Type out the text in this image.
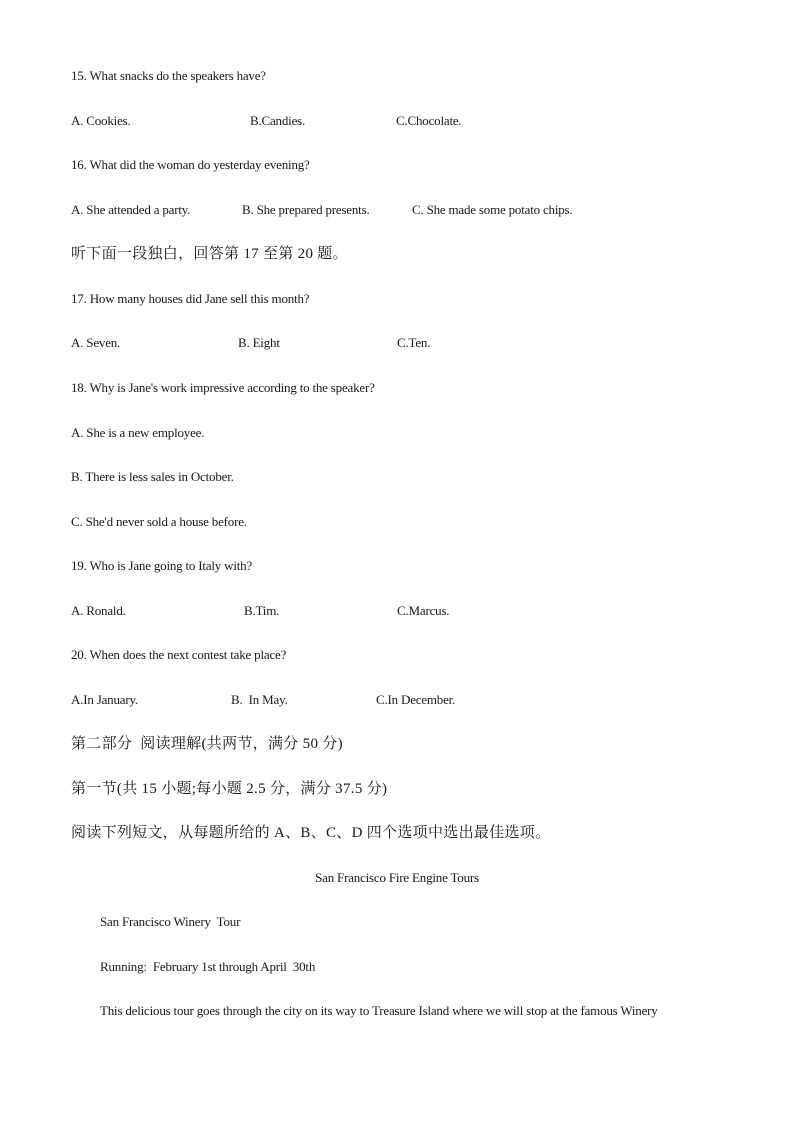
15. What snacks do the speakers have?
A. Cookies.	B.Candies.	C.Chocolate.
16. What did the woman do yesterday evening?
A. She attended a party.	B. She prepared presents.	C. She made some potato chips.
听下面一段独白，回答第 17 至第 20 题。
17. How many houses did Jane sell this month?
A. Seven.	B. Eight	C.Ten.
18. Why is Jane's work impressive according to the speaker?
A. She is a new employee.
B. There is less sales in October.
C. She'd never sold a house before.
19. Who is Jane going to Italy with?
A. Ronald.	B.Tim.	C.Marcus.
20. When does the next contest take place?
A.In January.	B.  In May.	C.In December.
第二部分  阅读理解(共两节，满分 50 分)
第一节(共 15 小题;每小题 2.5 分，满分 37.5 分)
阅读下列短文，从每题所给的 A、B、C、D 四个选项中选出最佳选项。
San Francisco Fire Engine Tours
San Francisco Winery  Tour
Running:  February 1st through April  30th
This delicious tour goes through the city on its way to Treasure Island where we will stop at the famous Winery
